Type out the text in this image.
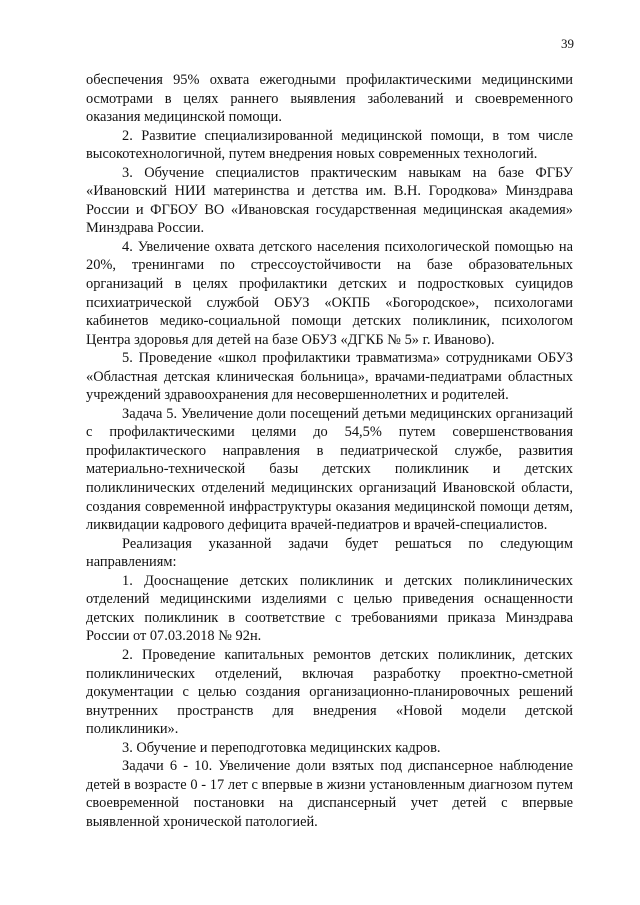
39

обеспечения 95% охвата ежегодными профилактическими медицинскими осмотрами в целях раннего выявления заболеваний и своевременного оказания медицинской помощи.

2. Развитие специализированной медицинской помощи, в том числе высокотехнологичной, путем внедрения новых современных технологий.

3. Обучение специалистов практическим навыкам на базе ФГБУ «Ивановский НИИ материнства и детства им. В.Н. Городкова» Минздрава России и ФГБОУ ВО «Ивановская государственная медицинская академия» Минздрава России.

4. Увеличение охвата детского населения психологической помощью на 20%, тренингами по стрессоустойчивости на базе образовательных организаций в целях профилактики детских и подростковых суицидов психиатрической службой ОБУЗ «ОКПБ «Богородское», психологами кабинетов медико-социальной помощи детских поликлиник, психологом Центра здоровья для детей на базе ОБУЗ «ДГКБ № 5» г. Иваново).

5. Проведение «школ профилактики травматизма» сотрудниками ОБУЗ «Областная детская клиническая больница», врачами-педиатрами областных учреждений здравоохранения для несовершеннолетних и родителей.

Задача 5. Увеличение доли посещений детьми медицинских организаций с профилактическими целями до 54,5% путем совершенствования профилактического направления в педиатрической службе, развития материально-технической базы детских поликлиник и детских поликлинических отделений медицинских организаций Ивановской области, создания современной инфраструктуры оказания медицинской помощи детям, ликвидации кадрового дефицита врачей-педиатров и врачей-специалистов.

Реализация указанной задачи будет решаться по следующим направлениям:

1. Дооснащение детских поликлиник и детских поликлинических отделений медицинскими изделиями с целью приведения оснащенности детских поликлиник в соответствие с требованиями приказа Минздрава России от 07.03.2018 № 92н.

2. Проведение капитальных ремонтов детских поликлиник, детских поликлинических отделений, включая разработку проектно-сметной документации с целью создания организационно-планировочных решений внутренних пространств для внедрения «Новой модели детской поликлиники».

3. Обучение и переподготовка медицинских кадров.

Задачи 6 - 10. Увеличение доли взятых под диспансерное наблюдение детей в возрасте 0 - 17 лет с впервые в жизни установленным диагнозом путем своевременной постановки на диспансерный учет детей с впервые выявленной хронической патологией.
